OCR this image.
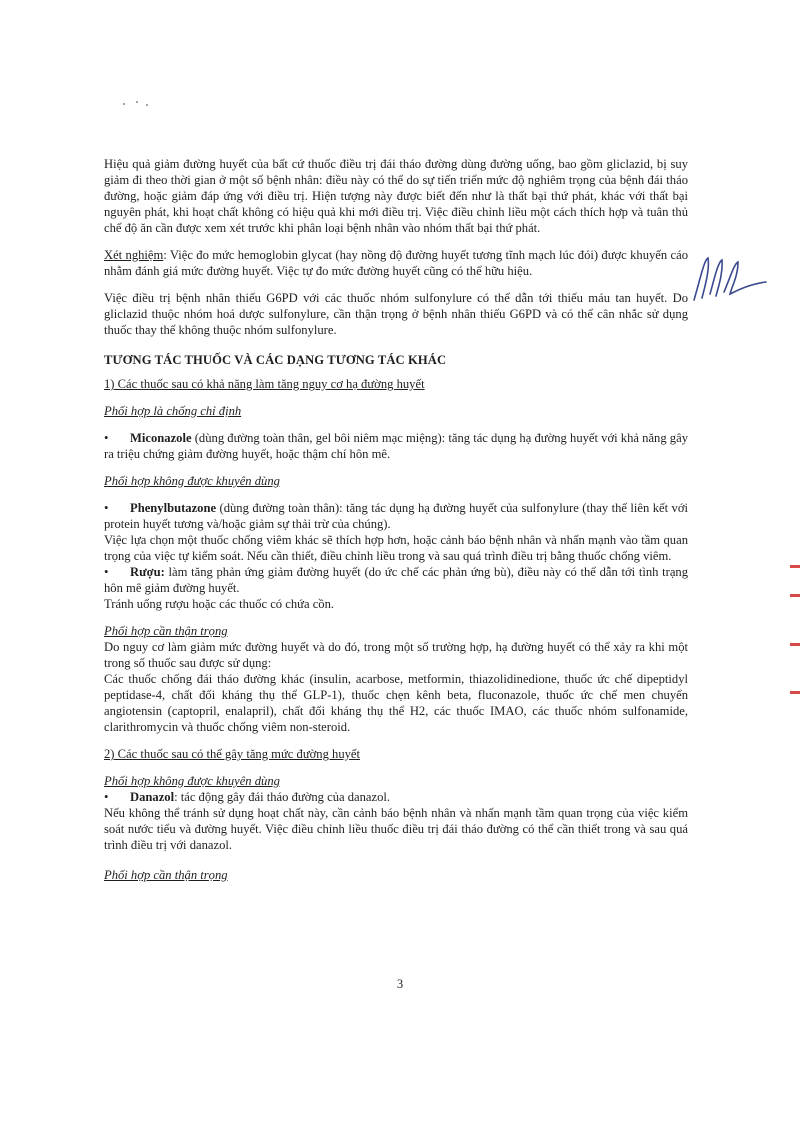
Hiệu quả giảm đường huyết của bất cứ thuốc điều trị đái tháo đường dùng đường uống, bao gồm gliclazid, bị suy giảm đi theo thời gian ở một số bệnh nhân: điều này có thể do sự tiến triển mức độ nghiêm trọng của bệnh đái tháo đường, hoặc giảm đáp ứng với điều trị. Hiện tượng này được biết đến như là thất bại thứ phát, khác với thất bại nguyên phát, khi hoạt chất không có hiệu quả khi mới điều trị. Việc điều chỉnh liều một cách thích hợp và tuân thủ chế độ ăn cần được xem xét trước khi phân loại bệnh nhân vào nhóm thất bại thứ phát.

Xét nghiệm: Việc đo mức hemoglobin glycat (hay nồng độ đường huyết tương tĩnh mạch lúc đói) được khuyến cáo nhằm đánh giá mức đường huyết. Việc tự đo mức đường huyết cũng có thể hữu hiệu.

Việc điều trị bệnh nhân thiếu G6PD với các thuốc nhóm sulfonylure có thể dẫn tới thiếu máu tan huyết. Do gliclazid thuộc nhóm hoá dược sulfonylure, cần thận trọng ở bệnh nhân thiếu G6PD và có thể cân nhắc sử dụng thuốc thay thế không thuộc nhóm sulfonylure.

TƯƠNG TÁC THUỐC VÀ CÁC DẠNG TƯƠNG TÁC KHÁC

1) Các thuốc sau có khả năng làm tăng nguy cơ hạ đường huyết

Phối hợp là chống chỉ định

• Miconazole (dùng đường toàn thân, gel bôi niêm mạc miệng): tăng tác dụng hạ đường huyết với khả năng gây ra triệu chứng giảm đường huyết, hoặc thậm chí hôn mê.

Phối hợp không được khuyên dùng

• Phenylbutazone (dùng đường toàn thân): tăng tác dụng hạ đường huyết của sulfonylure (thay thế liên kết với protein huyết tương và/hoặc giảm sự thải trừ của chúng).

Việc lựa chọn một thuốc chống viêm khác sẽ thích hợp hơn, hoặc cảnh báo bệnh nhân và nhấn mạnh vào tầm quan trọng của việc tự kiểm soát. Nếu cần thiết, điều chỉnh liều trong và sau quá trình điều trị bằng thuốc chống viêm.

• Rượu: làm tăng phản ứng giảm đường huyết (do ức chế các phản ứng bù), điều này có thể dẫn tới tình trạng hôn mê giảm đường huyết.

Tránh uống rượu hoặc các thuốc có chứa cồn.

Phối hợp cần thận trọng

Do nguy cơ làm giảm mức đường huyết và do đó, trong một số trường hợp, hạ đường huyết có thể xảy ra khi một trong số thuốc sau được sử dụng:

Các thuốc chống đái tháo đường khác (insulin, acarbose, metformin, thiazolidinedione, thuốc ức chế dipeptidyl peptidase-4, chất đối kháng thụ thể GLP-1), thuốc chẹn kênh beta, fluconazole, thuốc ức chế men chuyển angiotensin (captopril, enalapril), chất đối kháng thụ thể H2, các thuốc IMAO, các thuốc nhóm sulfonamide, clarithromycin và thuốc chống viêm non-steroid.

2) Các thuốc sau có thể gây tăng mức đường huyết

Phối hợp không được khuyên dùng

• Danazol: tác động gây đái tháo đường của danazol.

Nếu không thể tránh sử dụng hoạt chất này, cần cảnh báo bệnh nhân và nhấn mạnh tầm quan trọng của việc kiểm soát nước tiểu và đường huyết. Việc điều chỉnh liều thuốc điều trị đái tháo đường có thể cần thiết trong và sau quá trình điều trị với danazol.

Phối hợp cần thận trọng

3
